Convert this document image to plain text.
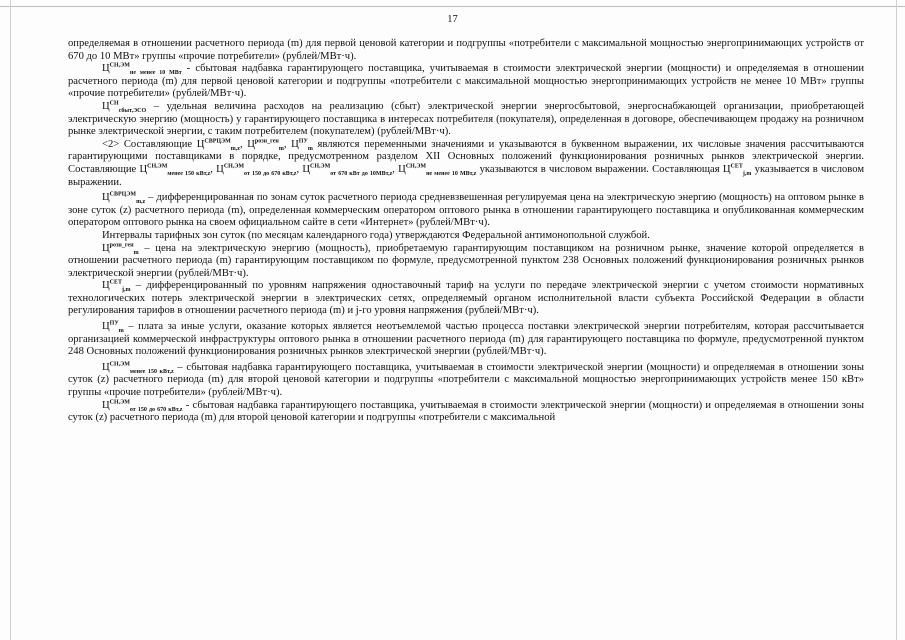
17

определяемая в отношении расчетного периода (m) для первой ценовой категории и подгруппы «потребители с максимальной мощностью энергопринимающих устройств от 670 до 10 МВт» группы «прочие потребители» (рублей/МВт·ч).

$Ц^{СН,ЭМ}_{не менее 10 МВт}$ - сбытовая надбавка гарантирующего поставщика, учитываемая в стоимости электрической энергии (мощности) и определяемая в отношении расчетного периода (m) для первой ценовой категории и подгруппы «потребители с максимальной мощностью энергопринимающих устройств не менее 10 МВт» группы «прочие потребители» (рублей/МВт·ч).

$Ц^{СН}_{сбыт,ЭСО}$ – удельная величина расходов на реализацию (сбыт) электрической энергии энергосбытовой, энергоснабжающей организации, приобретающей электрическую энергию (мощность) у гарантирующего поставщика в интересах потребителя (покупателя), определенная в договоре, обеспечивающем продажу на розничном рынке электрической энергии, с таким потребителем (покупателем) (рублей/МВт·ч).

<2> Составляющие $Ц^{СВРЦЭМ}_{m,z}$, $Ц^{розн\_ген}_m$, $Ц^{ПУ}_m$ являются переменными значениями и указываются в буквенном выражении, их числовые значения рассчитываются гарантирующими поставщиками в порядке, предусмотренном разделом XII Основных положений функционирования розничных рынков электрической энергии. Составляющие $Ц^{СН,ЭМ}_{менее 150 кВт,z}$, $Ц^{СН,ЭМ}_{от 150 до 670 кВт,z}$, $Ц^{СН,ЭМ}_{от 670 кВт до 10МВт,z}$, $Ц^{СН,ЭМ}_{не менее 10 МВт,z}$ указываются в числовом выражении. Составляющая $Ц^{СЕТ}_{j,m}$ указывается в числовом выражении.

$Ц^{СВРЦЭМ}_{m,z}$ – дифференцированная по зонам суток расчетного периода средневзвешенная регулируемая цена на электрическую энергию (мощность) на оптовом рынке в зоне суток (z) расчетного периода (m), определенная коммерческим оператором оптового рынка в отношении гарантирующего поставщика и опубликованная коммерческим оператором оптового рынка на своем официальном сайте в сети «Интернет» (рублей/МВт·ч).

Интервалы тарифных зон суток (по месяцам календарного года) утверждаются Федеральной антимонопольной службой.

$Ц^{розн\_ген}_m$ – цена на электрическую энергию (мощность), приобретаемую гарантирующим поставщиком на розничном рынке, значение которой определяется в отношении расчетного периода (m) гарантирующим поставщиком по формуле, предусмотренной пунктом 238 Основных положений функционирования розничных рынков электрической энергии (рублей/МВт·ч).

$Ц^{СЕТ}_{j,m}$ – дифференцированный по уровням напряжения одноставочный тариф на услуги по передаче электрической энергии с учетом стоимости нормативных технологических потерь электрической энергии в электрических сетях, определяемый органом исполнительной власти субъекта Российской Федерации в области регулирования тарифов в отношении расчетного периода (m) и j-го уровня напряжения (рублей/МВт·ч).

$Ц^{ПУ}_m$ – плата за иные услуги, оказание которых является неотъемлемой частью процесса поставки электрической энергии потребителям, которая рассчитывается организацией коммерческой инфраструктуры оптового рынка в отношении расчетного периода (m) для гарантирующего поставщика по формуле, предусмотренной пунктом 248 Основных положений функционирования розничных рынков электрической энергии (рублей/МВт·ч).

$Ц^{СН,ЭМ}_{менее 150 кВт,z}$ – сбытовая надбавка гарантирующего поставщика, учитываемая в стоимости электрической энергии (мощности) и определяемая в отношении зоны суток (z) расчетного периода (m) для второй ценовой категории и подгруппы «потребители с максимальной мощностью энергопринимающих устройств менее 150 кВт» группы «прочие потребители» (рублей/МВт·ч).

$Ц^{СН,ЭМ}_{от 150 до 670 кВт,z}$ - сбытовая надбавка гарантирующего поставщика, учитываемая в стоимости электрической энергии (мощности) и определяемая в отношении зоны суток (z) расчетного периода (m) для второй ценовой категории и подгруппы «потребители с максимальной
